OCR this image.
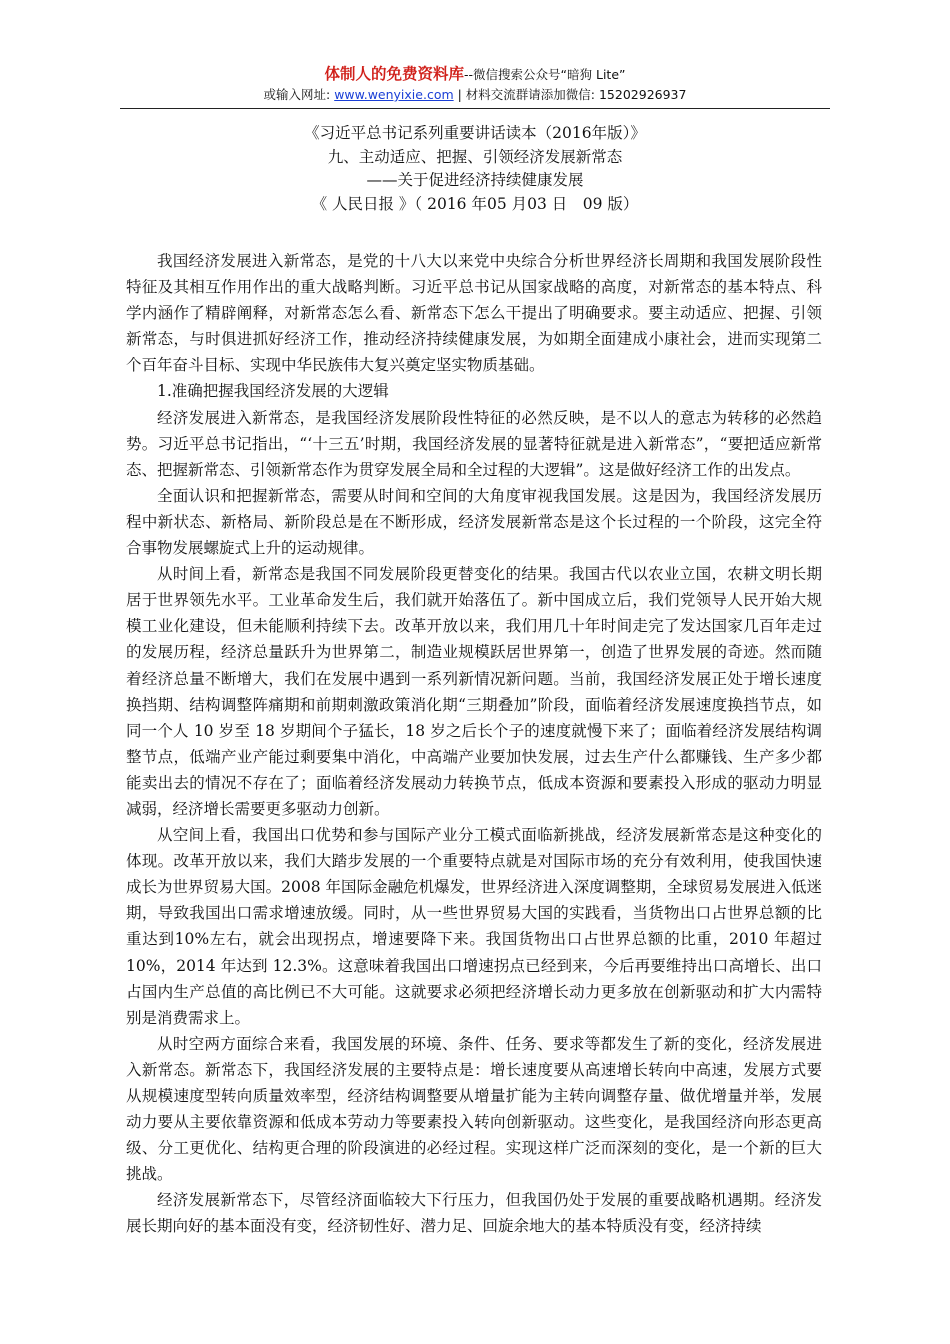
体制人的免费资料库--微信搜索公众号“暗狗 Lite”
或输入网址: www.wenyixie.com | 材料交流群请添加微信: 15202926937
《习近平总书记系列重要讲话读本（2016年版）》
九、主动适应、把握、引领经济发展新常态
——关于促进经济持续健康发展
《 人民日报 》（ 2016 年05 月03 日　09 版）

我国经济发展进入新常态，是党的十八大以来党中央综合分析世界经济长周期和我国发展阶段性特征及其相互作用作出的重大战略判断。习近平总书记从国家战略的高度，对新常态的基本特点、科学内涵作了精辟阐释，对新常态怎么看、新常态下怎么干提出了明确要求。要主动适应、把握、引领新常态，与时俱进抓好经济工作，推动经济持续健康发展，为如期全面建成小康社会，进而实现第二个百年奋斗目标、实现中华民族伟大复兴奠定坚实物质基础。

1.准确把握我国经济发展的大逻辑

经济发展进入新常态，是我国经济发展阶段性特征的必然反映，是不以人的意志为转移的必然趋势。习近平总书记指出，“‘十三五’时期，我国经济发展的显著特征就是进入新常态”，“要把适应新常态、把握新常态、引领新常态作为贯穿发展全局和全过程的大逻辑”。这是做好经济工作的出发点。

全面认识和把握新常态，需要从时间和空间的大角度审视我国发展。这是因为，我国经济发展历程中新状态、新格局、新阶段总是在不断形成，经济发展新常态是这个长过程的一个阶段，这完全符合事物发展螺旋式上升的运动规律。

从时间上看，新常态是我国不同发展阶段更替变化的结果。我国古代以农业立国，农耕文明长期居于世界领先水平。工业革命发生后，我们就开始落伍了。新中国成立后，我们党领导人民开始大规模工业化建设，但未能顺利持续下去。改革开放以来，我们用几十年时间走完了发达国家几百年走过的发展历程，经济总量跃升为世界第二，制造业规模跃居世界第一，创造了世界发展的奇迹。然而随着经济总量不断增大，我们在发展中遇到一系列新情况新问题。当前，我国经济发展正处于增长速度换挡期、结构调整阵痛期和前期刺激政策消化期“三期叠加”阶段，面临着经济发展速度换挡节点，如同一个人 10 岁至 18 岁期间个子猛长，18 岁之后长个子的速度就慢下来了；面临着经济发展结构调整节点，低端产业产能过剩要集中消化，中高端产业要加快发展，过去生产什么都赚钱、生产多少都能卖出去的情况不存在了；面临着经济发展动力转换节点，低成本资源和要素投入形成的驱动力明显减弱，经济增长需要更多驱动力创新。

从空间上看，我国出口优势和参与国际产业分工模式面临新挑战，经济发展新常态是这种变化的体现。改革开放以来，我们大踏步发展的一个重要特点就是对国际市场的充分有效利用，使我国快速成长为世界贸易大国。2008 年国际金融危机爆发，世界经济进入深度调整期，全球贸易发展进入低迷期，导致我国出口需求增速放缓。同时，从一些世界贸易大国的实践看，当货物出口占世界总额的比重达到10%左右，就会出现拐点，增速要降下来。我国货物出口占世界总额的比重，2010 年超过 10%，2014 年达到 12.3%。这意味着我国出口增速拐点已经到来，今后再要维持出口高增长、出口占国内生产总值的高比例已不大可能。这就要求必须把经济增长动力更多放在创新驱动和扩大内需特别是消费需求上。

从时空两方面综合来看，我国发展的环境、条件、任务、要求等都发生了新的变化，经济发展进入新常态。新常态下，我国经济发展的主要特点是：增长速度要从高速增长转向中高速，发展方式要从规模速度型转向质量效率型，经济结构调整要从增量扩能为主转向调整存量、做优增量并举，发展动力要从主要依靠资源和低成本劳动力等要素投入转向创新驱动。这些变化，是我国经济向形态更高级、分工更优化、结构更合理的阶段演进的必经过程。实现这样广泛而深刻的变化，是一个新的巨大挑战。

经济发展新常态下，尽管经济面临较大下行压力，但我国仍处于发展的重要战略机遇期。经济发展长期向好的基本面没有变，经济韧性好、潜力足、回旋余地大的基本特质没有变，经济持续
